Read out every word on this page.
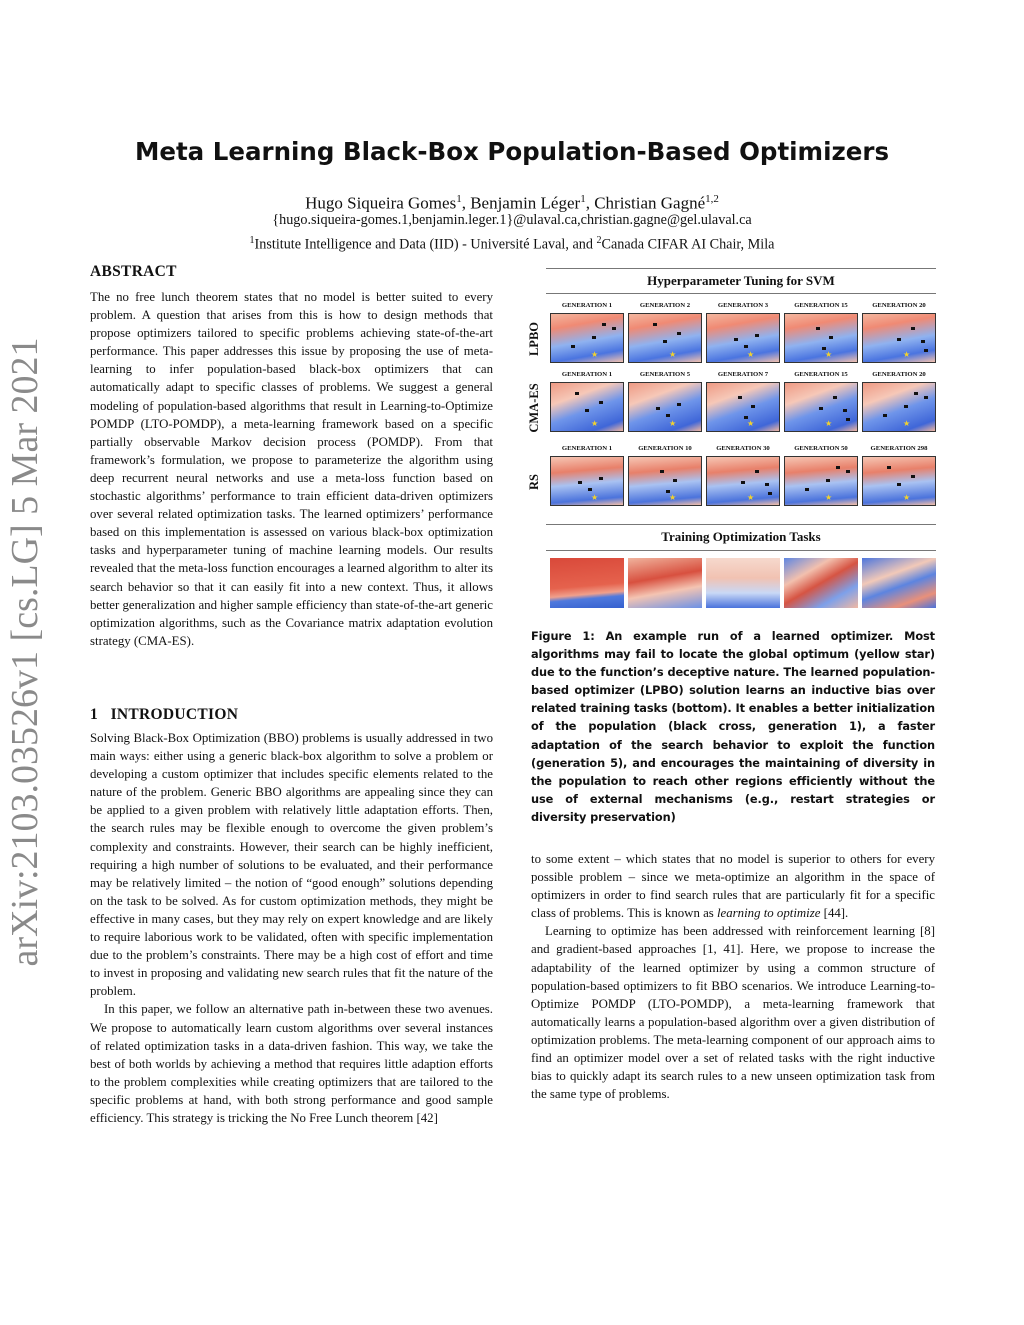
arXiv:2103.03526v1 [cs.LG] 5 Mar 2021
Meta Learning Black-Box Population-Based Optimizers
Hugo Siqueira Gomes$^1$, Benjamin Léger$^1$, Christian Gagné$^{1,2}$
{hugo.siqueira-gomes.1,benjamin.leger.1}@ulaval.ca,christian.gagne@gel.ulaval.ca
$^1$Institute Intelligence and Data (IID) - Université Laval, and $^2$Canada CIFAR AI Chair, Mila
ABSTRACT

The no free lunch theorem states that no model is better suited to every problem. A question that arises from this is how to design methods that propose optimizers tailored to specific problems achieving state-of-the-art performance. This paper addresses this issue by proposing the use of meta-learning to infer population-based black-box optimizers that can automatically adapt to specific classes of problems. We suggest a general modeling of population-based algorithms that result in Learning-to-Optimize POMDP (LTO-POMDP), a meta-learning framework based on a specific partially observable Markov decision process (POMDP). From that framework’s formulation, we propose to parameterize the algorithm using deep recurrent neural networks and use a meta-loss function based on stochastic algorithms’ performance to train efficient data-driven optimizers over several related optimization tasks. The learned optimizers’ performance based on this implementation is assessed on various black-box optimization tasks and hyperparameter tuning of machine learning models. Our results revealed that the meta-loss function encourages a learned algorithm to alter its search behavior so that it can easily fit into a new context. Thus, it allows better generalization and higher sample efficiency than state-of-the-art generic optimization algorithms, such as the Covariance matrix adaptation evolution strategy (CMA-ES).

1   INTRODUCTION

Solving Black-Box Optimization (BBO) problems is usually addressed in two main ways: either using a generic black-box algorithm to solve a problem or developing a custom optimizer that includes specific elements related to the nature of the problem. Generic BBO algorithms are appealing since they can be applied to a given problem with relatively little adaptation efforts. Then, the search rules may be flexible enough to overcome the given problem’s complexity and constraints. However, their search can be highly inefficient, requiring a high number of solutions to be evaluated, and their performance may be relatively limited – the notion of “good enough” solutions depending on the task to be solved. As for custom optimization methods, they might be effective in many cases, but they may rely on expert knowledge and are likely to require laborious work to be validated, often with specific implementation due to the problem’s constraints. There may be a high cost of effort and time to invest in proposing and validating new search rules that fit the nature of the problem.

In this paper, we follow an alternative path in-between these two avenues. We propose to automatically learn custom algorithms over several instances of related optimization tasks in a data-driven fashion. This way, we take the best of both worlds by achieving a method that requires little adaption efforts to the problem complexities while creating optimizers that are tailored to the specific problems at hand, with both strong performance and good sample efficiency. This strategy is tricking the No Free Lunch theorem [42]

Hyperparameter Tuning for SVM
LPBO
GENERATION 1
★
GENERATION 2
★
GENERATION 3
★
GENERATION 15
★
GENERATION 20
★
CMA-ES
GENERATION 1
★
GENERATION 5
★
GENERATION 7
★
GENERATION 15
★
GENERATION 20
★
RS
GENERATION 1
★
GENERATION 10
★
GENERATION 30
★
GENERATION 50
★
GENERATION 298
★
Training Optimization Tasks

Figure 1: An example run of a learned optimizer. Most algorithms may fail to locate the global optimum (yellow star) due to the function’s deceptive nature. The learned population-based optimizer (LPBO) solution learns an inductive bias over related training tasks (bottom). It enables a better initialization of the population (black cross, generation 1), a faster adaptation of the search behavior to exploit the function (generation 5), and encourages the maintaining of diversity in the population to reach other regions efficiently without the use of external mechanisms (e.g., restart strategies or diversity preservation)

to some extent – which states that no model is superior to others for every possible problem – since we meta-optimize an algorithm in the space of optimizers in order to find search rules that are particularly fit for a specific class of problems. This is known as learning to optimize [44].

Learning to optimize has been addressed with reinforcement learning [8] and gradient-based approaches [1, 41]. Here, we propose to increase the adaptability of the learned optimizer by using a common structure of population-based optimizers to fit BBO scenarios. We introduce Learning-to-Optimize POMDP (LTO-POMDP), a meta-learning framework that automatically learns a population-based algorithm over a given distribution of optimization problems. The meta-learning component of our approach aims to find an optimizer model over a set of related tasks with the right inductive bias to quickly adapt its search rules to a new unseen optimization task from the same type of problems.
